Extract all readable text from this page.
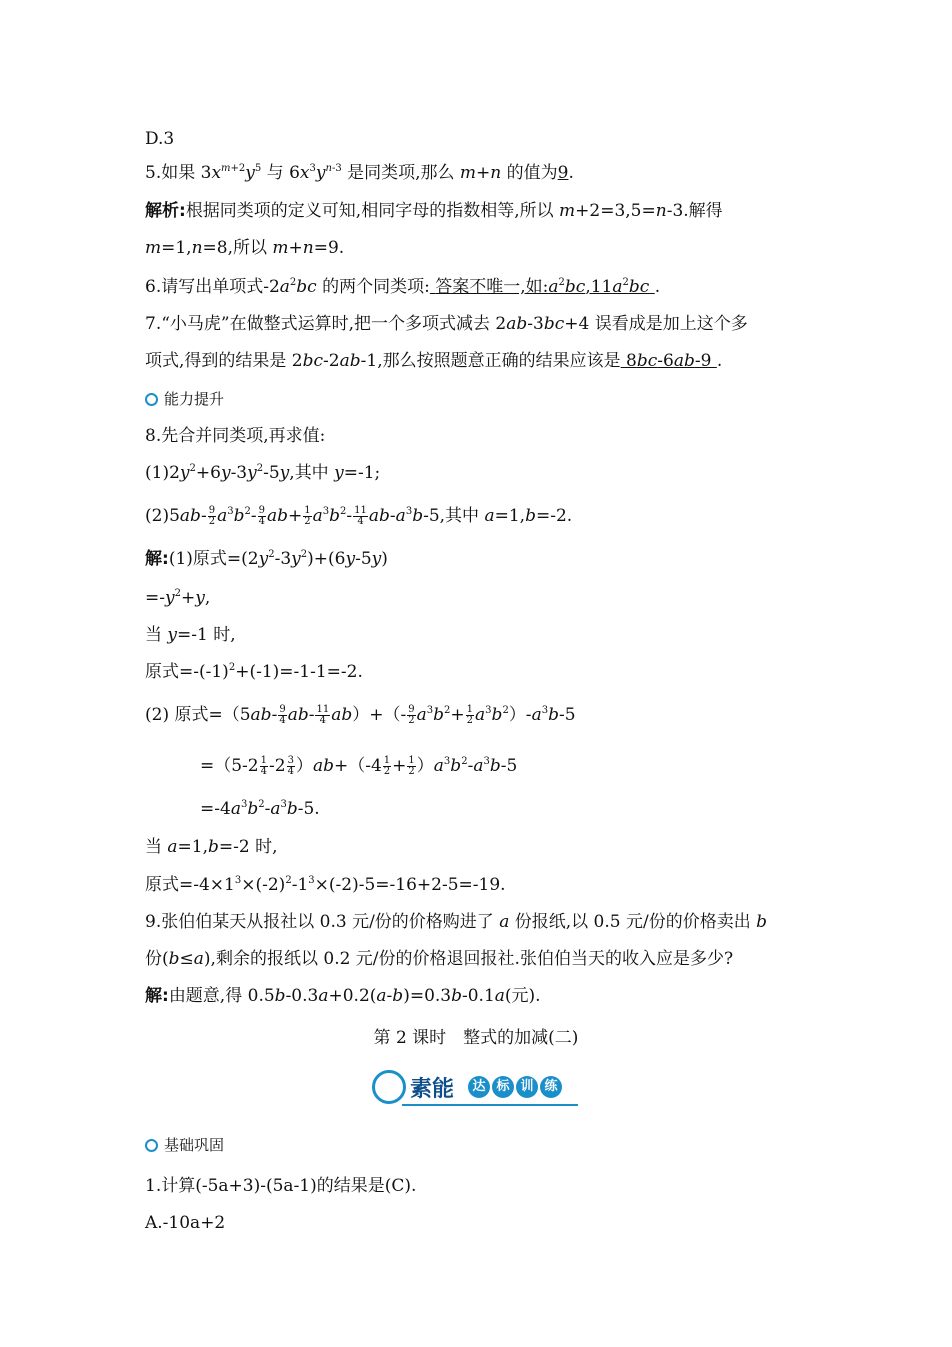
D.3
5.如果 $3x^{m+2}y^5$ 与 $6x^3y^{n-3}$ 是同类项,那么 m+n 的值为9.
解析:根据同类项的定义可知,相同字母的指数相等,所以 m+2=3,5=n-3.解得
m=1,n=8,所以 m+n=9.
6.请写出单项式$-2a^2bc$ 的两个同类项: 答案不唯一,如$:a^2bc,11a^2bc$ .
7.“小马虎”在做整式运算时,把一个多项式减去 2ab-3bc+4 误看成是加上这个多
项式,得到的结果是 2bc-2ab-1,那么按照题意正确的结果应该是 8bc-6ab-9 .
能力提升
8.先合并同类项,再求值:
$(1)2y^2+6y-3y^2-5y$,其中 y=-1;
$(2)5ab- \frac{9}{2} a^3b^2- \frac{9}{4} ab+ \frac{1}{2} a^3b^2- \frac{11}{4} ab-a^3b-5$,其中 a=1,b=-2.
解:(1)原式$=(2y^2-3y^2)+(6y-5y)$
$=-y^2+y$,
当 y=-1 时,
原式$=-(-1)^2+(-1)=-1-1=-2$.
(2) 原式$=(5ab- \frac{9}{4} ab- \frac{11}{4} ab)+(- \frac{9}{2} a^3b^2+ \frac{1}{2} a^3b^2)-a^3b-5$
$=(5-2 \frac{1}{4} -2 \frac{3}{4} )ab+(-4 \frac{1}{2} + \frac{1}{2} )a^3b^2-a^3b-5$
$=-4a^3b^2-a^3b-5$.
当 a=1,b=-2 时,
原式$=-4\times 1^3\times(-2)^2-1^3\times(-2)-5=-16+2-5=-19$.
9.张伯伯某天从报社以 0.3 元/份的价格购进了 a 份报纸,以 0.5 元/份的价格卖出 b
份(b≤a),剩余的报纸以 0.2 元/份的价格退回报社.张伯伯当天的收入应是多少?
解:由题意,得 0.5b-0.3a+0.2(a-b)=0.3b-0.1a(元).
第 2 课时　整式的加减(二)
素能	达 标 训 练
基础巩固
1.计算(-5a+3)-(5a-1)的结果是(C).
A.-10a+2
